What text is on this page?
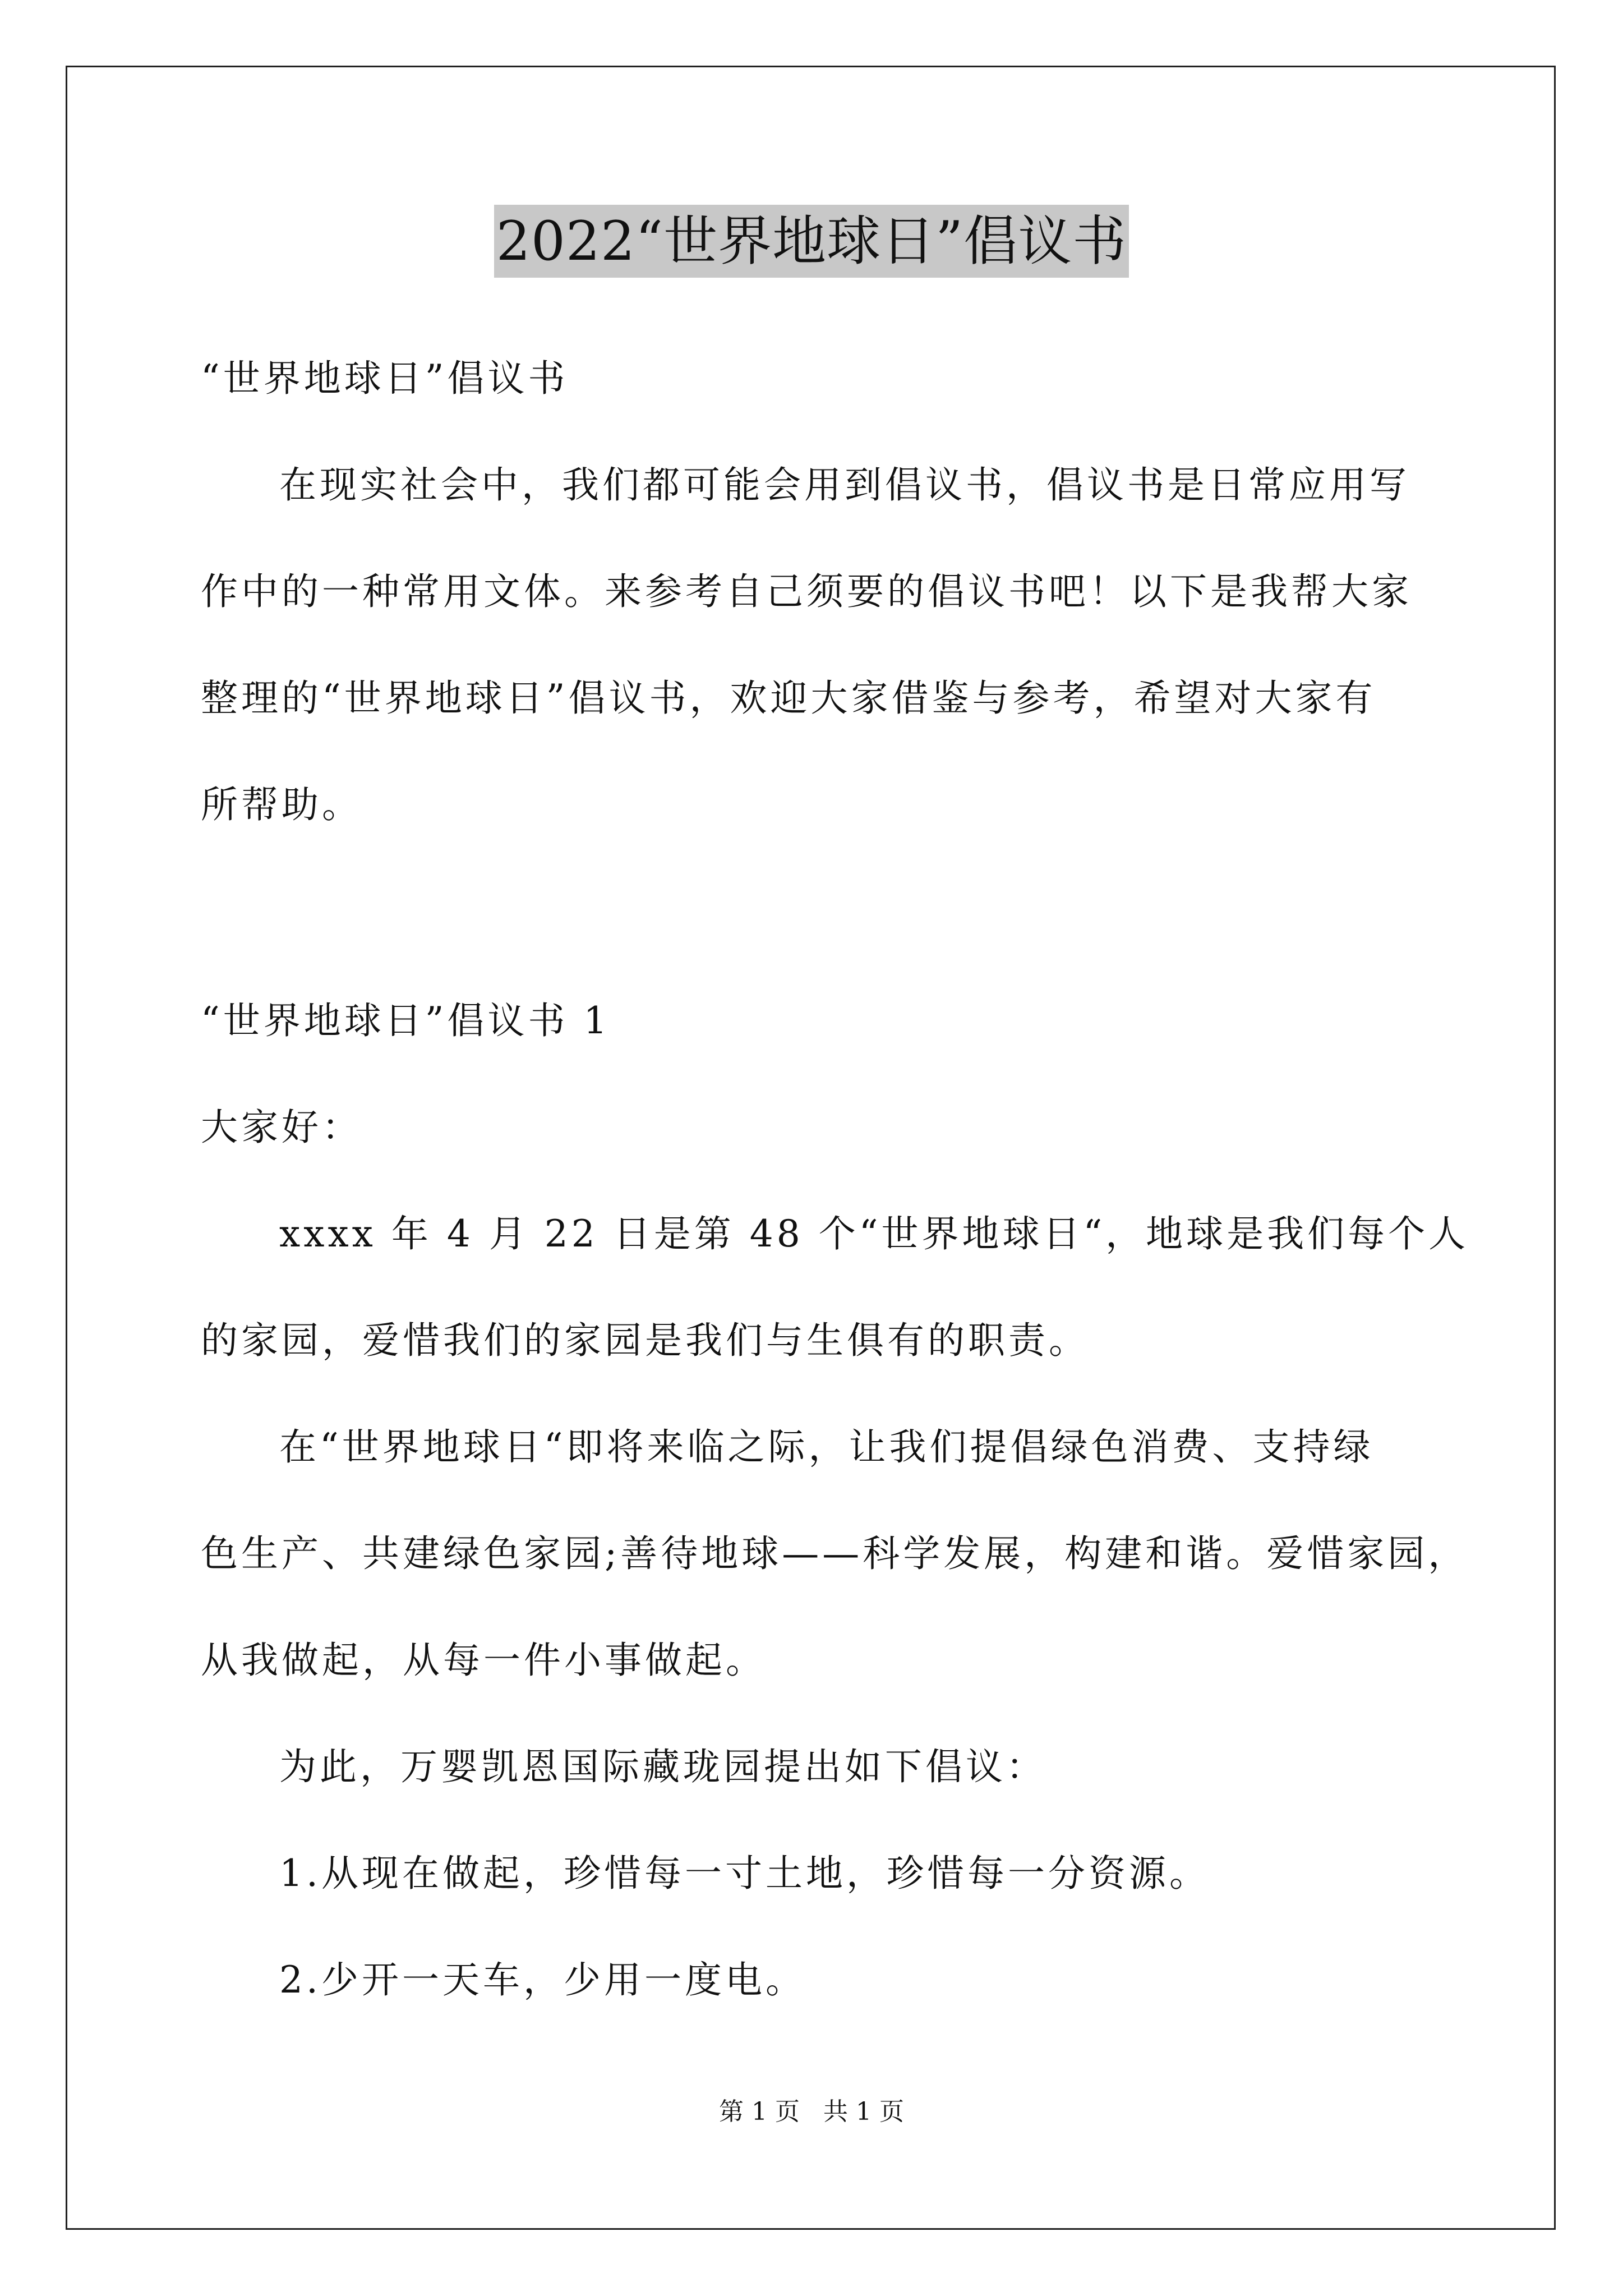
2022“世界地球日”倡议书
“世界地球日”倡议书
在现实社会中，我们都可能会用到倡议书，倡议书是日常应用写
作中的一种常用文体。来参考自己须要的倡议书吧！以下是我帮大家
整理的“世界地球日”倡议书，欢迎大家借鉴与参考，希望对大家有
所帮助。
“世界地球日”倡议书 1
大家好：
xxxx 年 4 月 22 日是第 48 个“世界地球日“，地球是我们每个人
的家园，爱惜我们的家园是我们与生俱有的职责。
在“世界地球日“即将来临之际，让我们提倡绿色消费、支持绿
色生产、共建绿色家园;善待地球——科学发展，构建和谐。爱惜家园，
从我做起，从每一件小事做起。
为此，万婴凯恩国际藏珑园提出如下倡议：
1.从现在做起，珍惜每一寸土地，珍惜每一分资源。
2.少开一天车，少用一度电。
第 1 页 共 1 页
